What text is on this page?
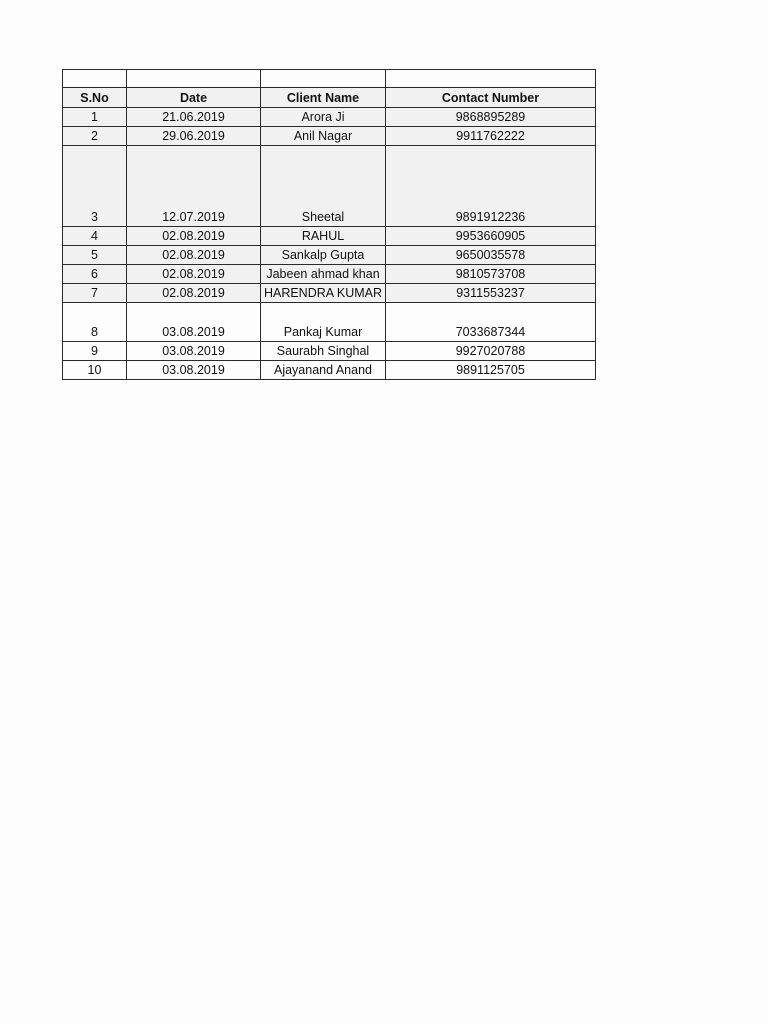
S.No	Date	Client Name	Contact Number
1	21.06.2019	Arora Ji	9868895289
2	29.06.2019	Anil Nagar	9911762222
3	12.07.2019	Sheetal	9891912236
4	02.08.2019	RAHUL	9953660905
5	02.08.2019	Sankalp Gupta	9650035578
6	02.08.2019	Jabeen ahmad khan	9810573708
7	02.08.2019	HARENDRA KUMAR	9311553237
8	03.08.2019	Pankaj Kumar	7033687344
9	03.08.2019	Saurabh Singhal	9927020788
10	03.08.2019	Ajayanand Anand	9891125705
